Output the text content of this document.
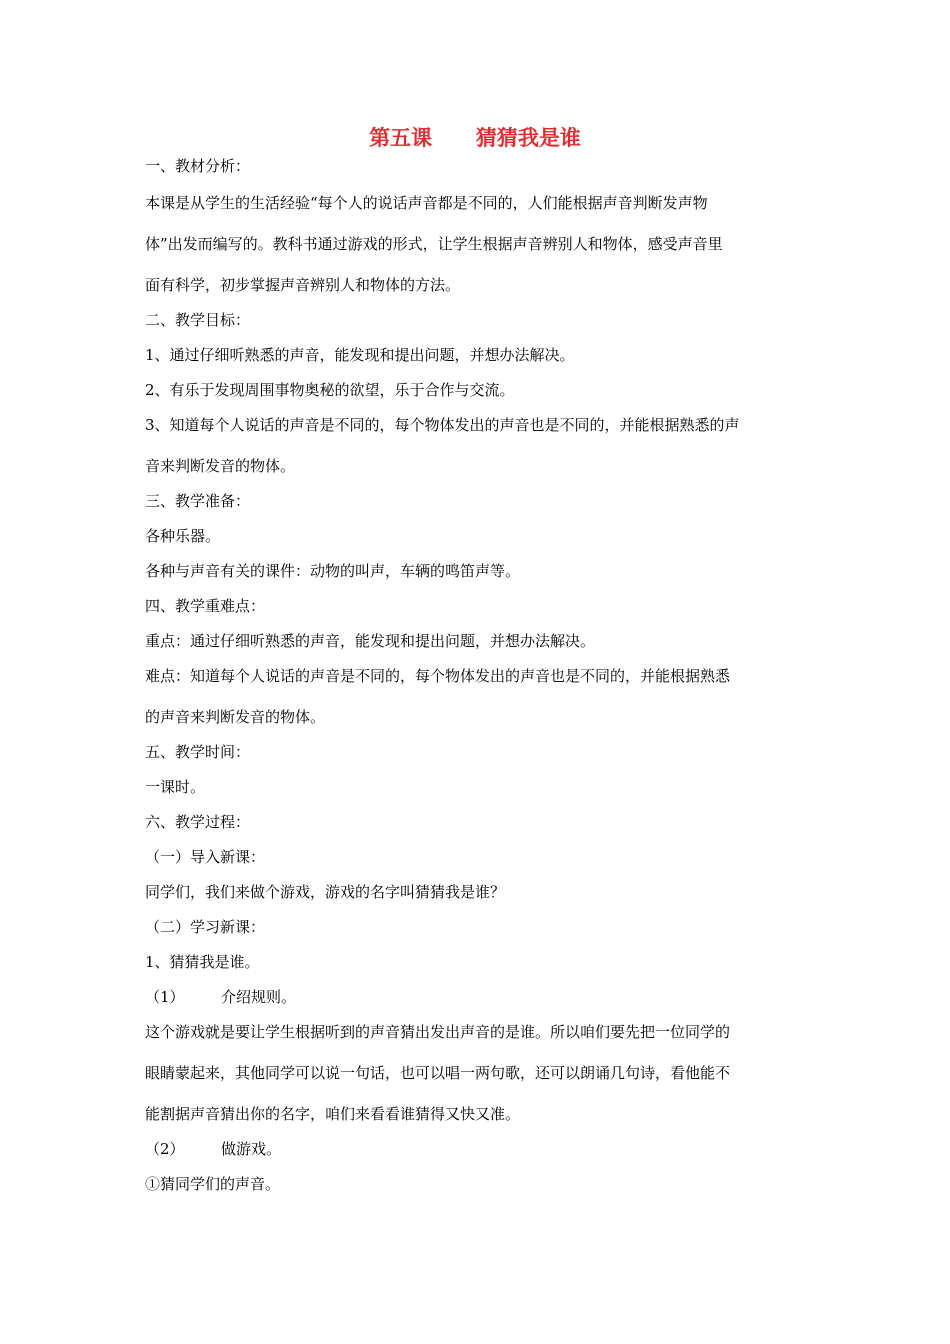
第五课      猜猜我是谁
一、教材分析：
本课是从学生的生活经验“每个人的说话声音都是不同的，人们能根据声音判断发声物
体”出发而编写的。教科书通过游戏的形式，让学生根据声音辨别人和物体，感受声音里
面有科学，初步掌握声音辨别人和物体的方法。
二、教学目标：
1、通过仔细听熟悉的声音，能发现和提出问题，并想办法解决。
2、有乐于发现周围事物奥秘的欲望，乐于合作与交流。
3、知道每个人说话的声音是不同的，每个物体发出的声音也是不同的，并能根据熟悉的声
音来判断发音的物体。
三、教学准备：
各种乐器。
各种与声音有关的课件：动物的叫声，车辆的鸣笛声等。
四、教学重难点：
重点：通过仔细听熟悉的声音，能发现和提出问题，并想办法解决。
难点：知道每个人说话的声音是不同的，每个物体发出的声音也是不同的，并能根据熟悉
的声音来判断发音的物体。
五、教学时间：
一课时。
六、教学过程：
（一）导入新课：
同学们，我们来做个游戏，游戏的名字叫猜猜我是谁？
（二）学习新课：
1、猜猜我是谁。
（1） 介绍规则。
这个游戏就是要让学生根据听到的声音猜出发出声音的是谁。所以咱们要先把一位同学的
眼睛蒙起来，其他同学可以说一句话，也可以唱一两句歌，还可以朗诵几句诗，看他能不
能割据声音猜出你的名字，咱们来看看谁猜得又快又准。
（2） 做游戏。
①猜同学们的声音。
